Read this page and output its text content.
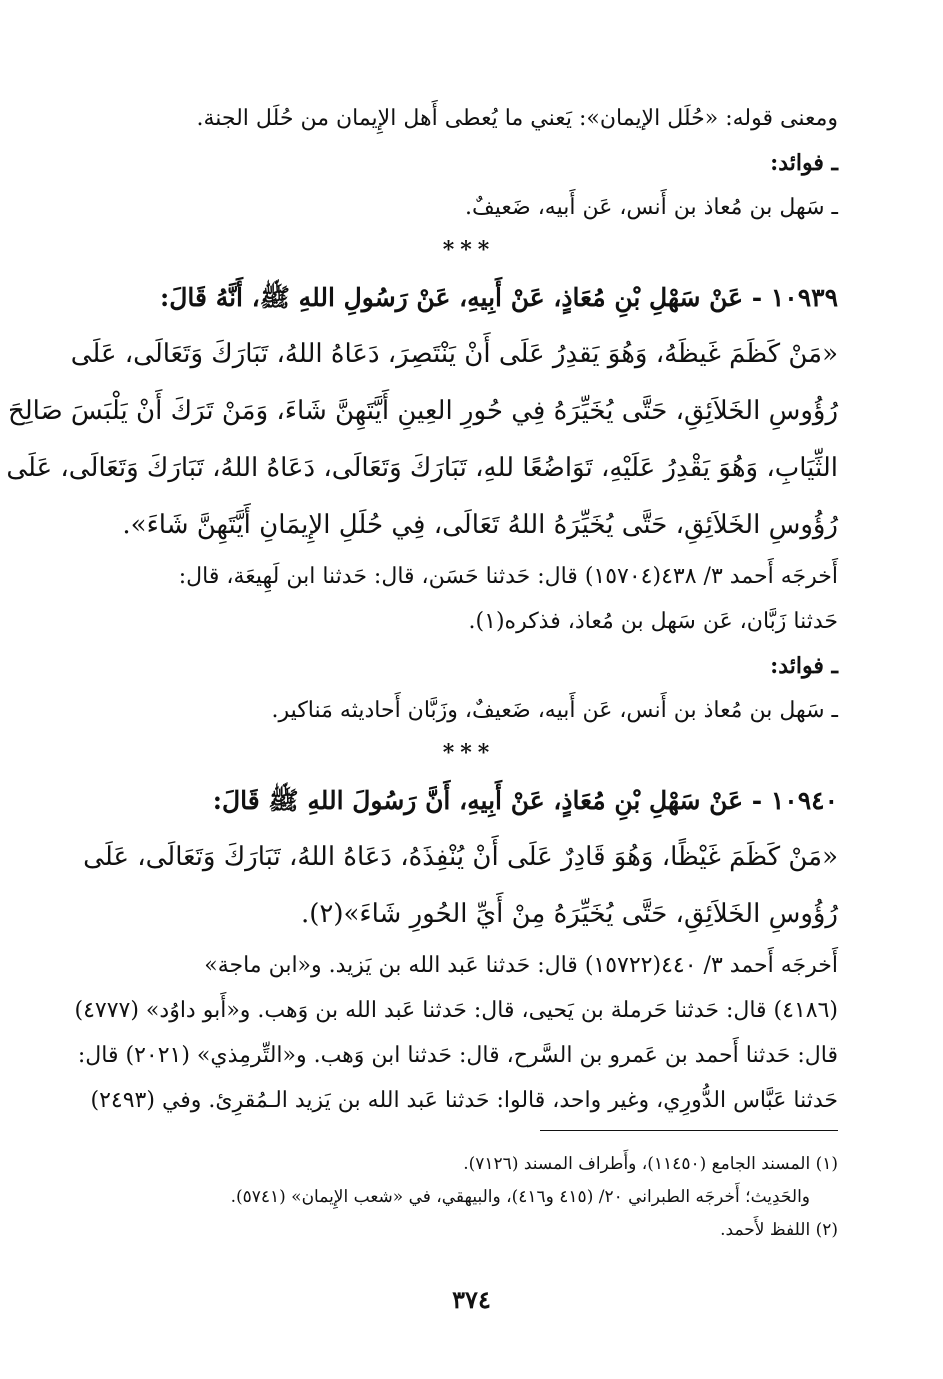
ومعنى قوله: «حُلَل الإيمان»: يَعني ما يُعطى أَهل الإِيمان من حُلَل الجنة.
ـ فوائد:
ـ سَهل بن مُعاذ بن أَنس، عَن أَبيه، ضَعيفٌ.
***
١٠٩٣٩ - عَنْ سَهْلِ بْنِ مُعَاذٍ، عَنْ أَبِيهِ، عَنْ رَسُولِ اللهِ ﷺ، أَنَّهُ قَالَ:
«مَنْ كَظَمَ غَيظَهُ، وَهُوَ يَقدِرُ عَلَى أَنْ يَنْتَصِرَ، دَعَاهُ اللهُ، تَبَارَكَ وَتَعَالَى، عَلَى
رُؤُوسِ الخَلاَئِقِ، حَتَّى يُخَيِّرَهُ فِي حُورِ العِينِ أَيَّتَهِنَّ شَاءَ، وَمَنْ تَرَكَ أَنْ يَلْبَسَ صَالِحَ
الثِّيَابِ، وَهُوَ يَقْدِرُ عَلَيْهِ، تَوَاضُعًا للهِ، تَبَارَكَ وَتَعَالَى، دَعَاهُ اللهُ، تَبَارَكَ وَتَعَالَى، عَلَى
رُؤُوسِ الخَلاَئِقِ، حَتَّى يُخَيِّرَهُ اللهُ تَعَالَى، فِي حُلَلِ الإِيمَانِ أَيَّتَهِنَّ شَاءَ».
أَخرجَه أَحمد ٣/ ٤٣٨(١٥٧٠٤) قال: حَدثنا حَسَن، قال: حَدثنا ابن لَهِيعَة، قال:
حَدثنا زَبَّان، عَن سَهل بن مُعاذ، فذكره(١).
ـ فوائد:
ـ سَهل بن مُعاذ بن أَنس، عَن أَبيه، ضَعيفٌ، وزَبَّان أَحاديثه مَناكير.
***
١٠٩٤٠ - عَنْ سَهْلِ بْنِ مُعَاذٍ، عَنْ أَبِيهِ، أَنَّ رَسُولَ اللهِ ﷺ قَالَ:
«مَنْ كَظَمَ غَيْظًا، وَهُوَ قَادِرٌ عَلَى أَنْ يُنْفِذَهُ، دَعَاهُ اللهُ، تَبَارَكَ وَتَعَالَى، عَلَى
رُؤُوسِ الخَلاَئِقِ، حَتَّى يُخَيِّرَهُ مِنْ أَيِّ الحُورِ شَاءَ»(٢).
أَخرجَه أَحمد ٣/ ٤٤٠(١٥٧٢٢) قال: حَدثنا عَبد الله بن يَزيد. و«ابن ماجة»
(٤١٨٦) قال: حَدثنا حَرملة بن يَحيى، قال: حَدثنا عَبد الله بن وَهب. و«أَبو داوُد» (٤٧٧٧)
قال: حَدثنا أَحمد بن عَمرو بن السَّرح، قال: حَدثنا ابن وَهب. و«التِّرمِذي» (٢٠٢١) قال:
حَدثنا عَبَّاس الدُّورِي، وغير واحد، قالوا: حَدثنا عَبد الله بن يَزيد الـمُقرِئ. وفي (٢٤٩٣)
(١) المسند الجامع (١١٤٥٠)، وأَطراف المسند (٧١٢٦).
والحَدِيث؛ أَخرجَه الطبراني ٢٠/ (٤١٥ و٤١٦)، والبيهقي، في «شعب الإِيمان» (٥٧٤١).
(٢) اللفظ لأَحمد.
٣٧٤
